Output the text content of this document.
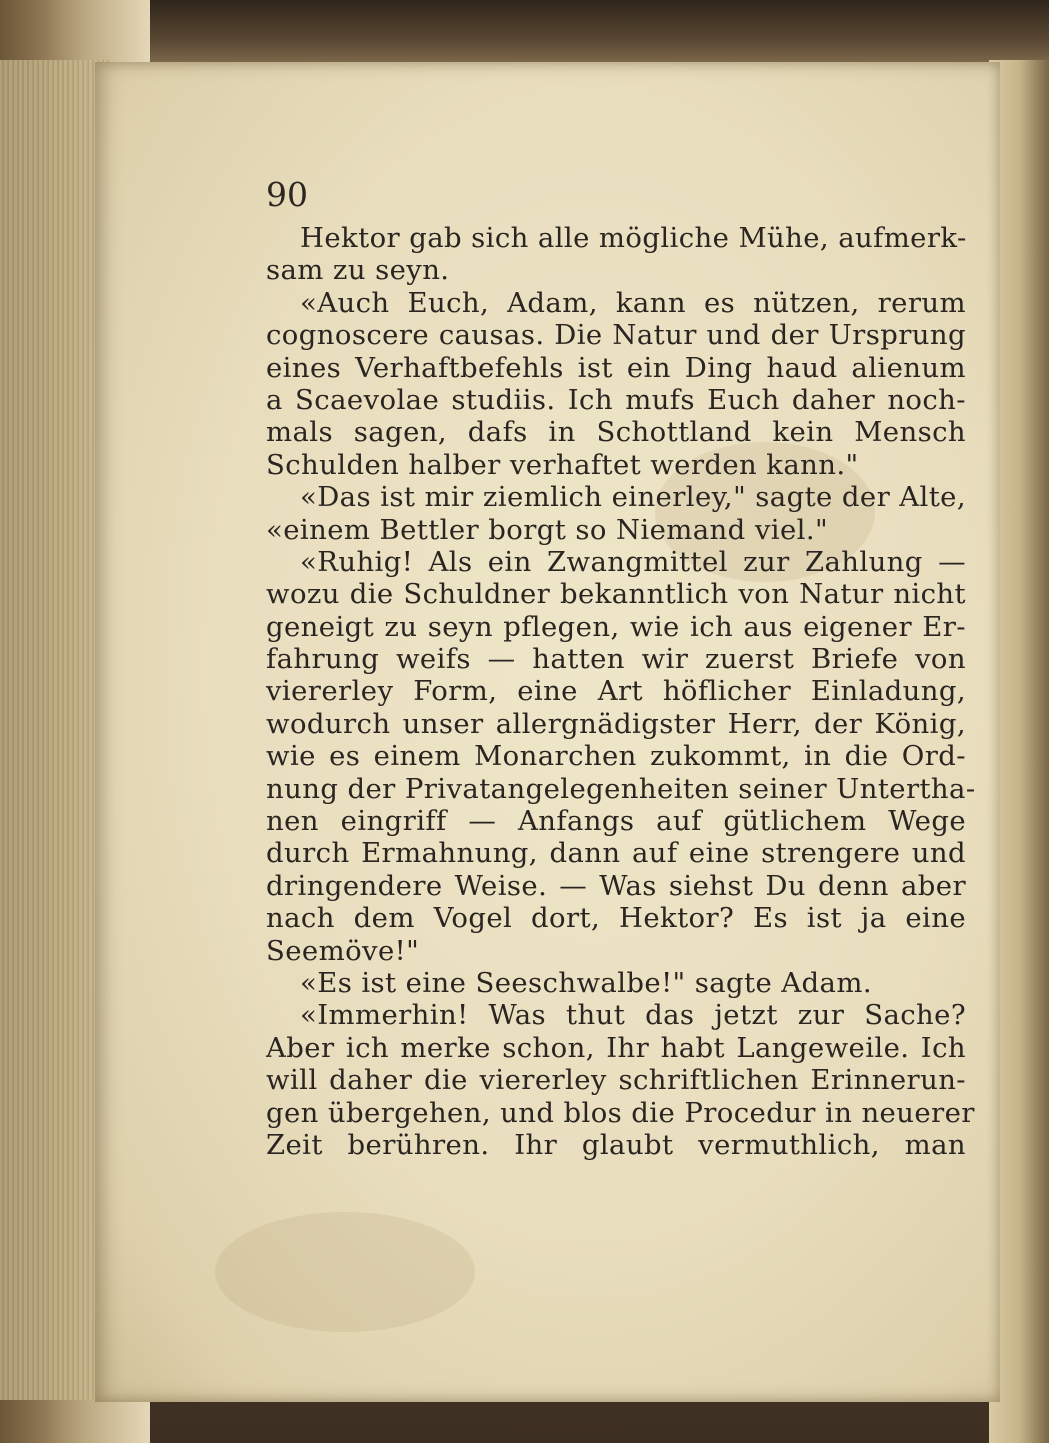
90
Hektor gab sich alle mögliche Mühe, aufmerk-
sam zu seyn.
«Auch Euch, Adam, kann es nützen, rerum
cognoscere causas. Die Natur und der Ursprung
eines Verhaftbefehls ist ein Ding haud alienum
a Scaevolae studiis. Ich mufs Euch daher noch-
mals sagen, dafs in Schottland kein Mensch
Schulden halber verhaftet werden kann."
«Das ist mir ziemlich einerley," sagte der Alte,
«einem Bettler borgt so Niemand viel."
«Ruhig! Als ein Zwangmittel zur Zahlung —
wozu die Schuldner bekanntlich von Natur nicht
geneigt zu seyn pflegen, wie ich aus eigener Er-
fahrung weifs — hatten wir zuerst Briefe von
viererley Form, eine Art höflicher Einladung,
wodurch unser allergnädigster Herr, der König,
wie es einem Monarchen zukommt, in die Ord-
nung der Privatangelegenheiten seiner Untertha-
nen eingriff — Anfangs auf gütlichem Wege
durch Ermahnung, dann auf eine strengere und
dringendere Weise. — Was siehst Du denn aber
nach dem Vogel dort, Hektor? Es ist ja eine
Seemöve!"
«Es ist eine Seeschwalbe!" sagte Adam.
«Immerhin! Was thut das jetzt zur Sache?
Aber ich merke schon, Ihr habt Langeweile. Ich
will daher die viererley schriftlichen Erinnerun-
gen übergehen, und blos die Procedur in neuerer
Zeit berühren. Ihr glaubt vermuthlich, man
